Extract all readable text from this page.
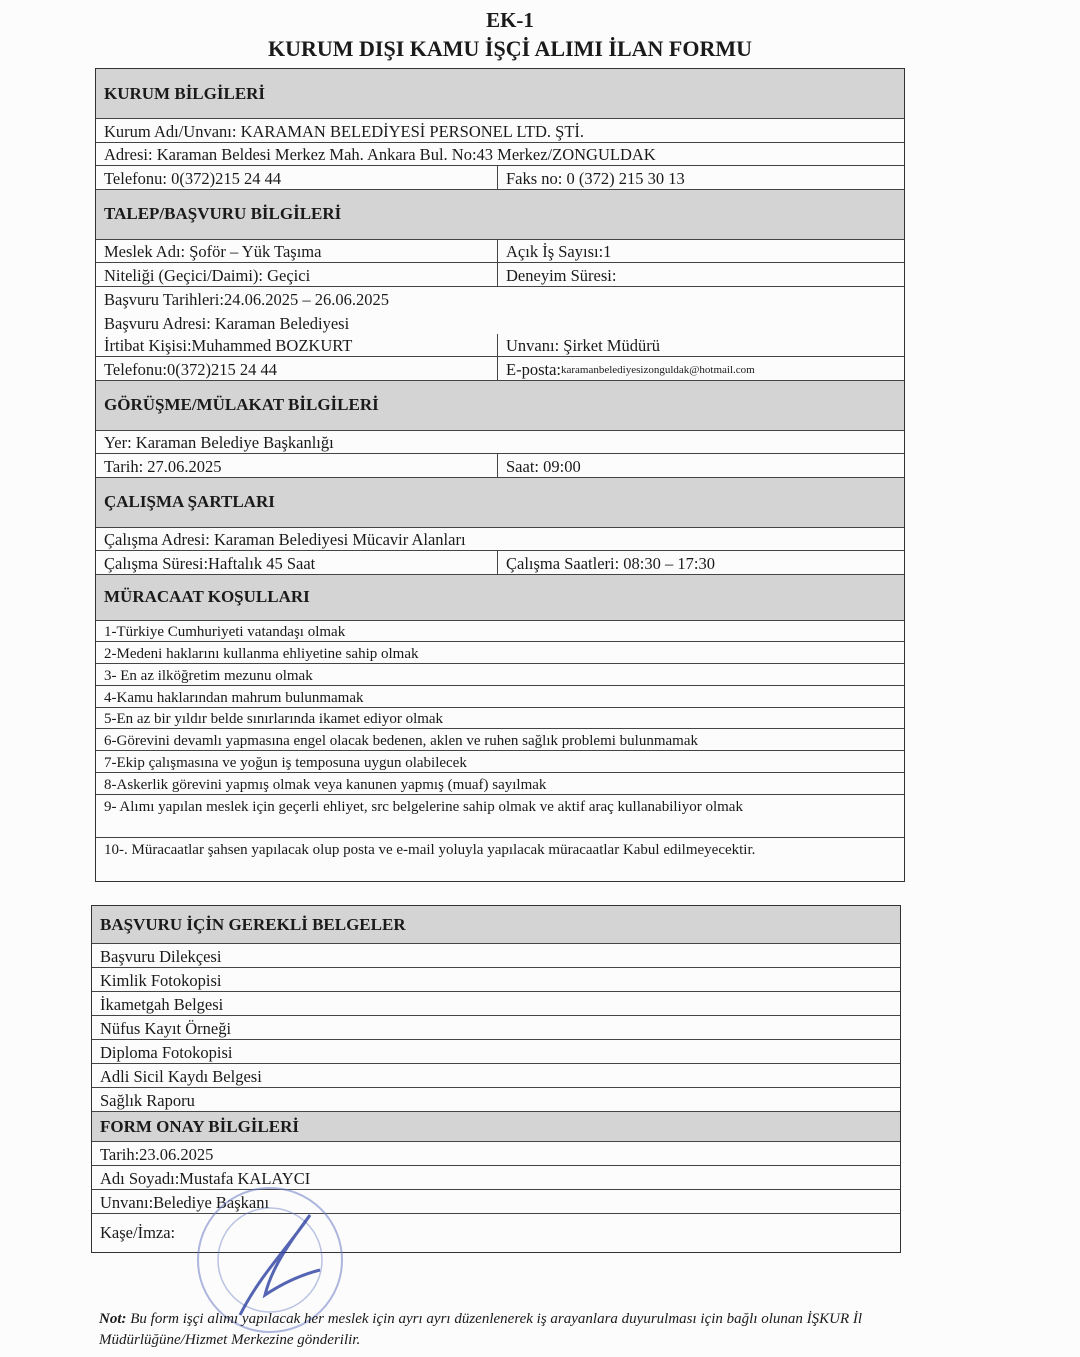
EK-1
KURUM DIŞI KAMU İŞÇİ ALIMI İLAN FORMU
KURUM BİLGİLERİ
Kurum Adı/Unvanı: KARAMAN BELEDİYESİ PERSONEL LTD. ŞTİ.
Adresi: Karaman Beldesi Merkez Mah. Ankara Bul. No:43 Merkez/ZONGULDAK
Telefonu: 0(372)215 24 44	Faks no: 0 (372) 215 30 13
TALEP/BAŞVURU BİLGİLERİ
Meslek Adı: Şoför – Yük Taşıma	Açık İş Sayısı:1
Niteliği (Geçici/Daimi): Geçici	Deneyim Süresi:
Başvuru Tarihleri:24.06.2025 – 26.06.2025
Başvuru Adresi: Karaman Belediyesi
İrtibat Kişisi:Muhammed BOZKURT	Unvanı: Şirket Müdürü
Telefonu:0(372)215 24 44	E-posta: karamanbelediyesizonguldak@hotmail.com
GÖRÜŞME/MÜLAKAT BİLGİLERİ
Yer: Karaman Belediye Başkanlığı
Tarih: 27.06.2025	Saat: 09:00
ÇALIŞMA ŞARTLARI
Çalışma Adresi: Karaman Belediyesi Mücavir Alanları
Çalışma Süresi:Haftalık 45 Saat	Çalışma Saatleri: 08:30 – 17:30
MÜRACAAT KOŞULLARI
1-Türkiye Cumhuriyeti vatandaşı olmak
2-Medeni haklarını kullanma ehliyetine sahip olmak
3- En az ilköğretim mezunu olmak
4-Kamu haklarından mahrum bulunmamak
5-En az bir yıldır belde sınırlarında ikamet ediyor olmak
6-Görevini devamlı yapmasına engel olacak bedenen, aklen ve ruhen sağlık problemi bulunmamak
7-Ekip çalışmasına ve yoğun iş temposuna uygun olabilecek
8-Askerlik görevini yapmış olmak veya kanunen yapmış (muaf) sayılmak
9- Alımı yapılan meslek için geçerli ehliyet, src belgelerine sahip olmak ve aktif araç kullanabiliyor olmak
10-. Müracaatlar şahsen yapılacak olup posta ve e-mail yoluyla yapılacak müracaatlar Kabul edilmeyecektir.
BAŞVURU İÇİN GEREKLİ BELGELER
Başvuru Dilekçesi
Kimlik Fotokopisi
İkametgah Belgesi
Nüfus Kayıt Örneği
Diploma Fotokopisi
Adli Sicil Kaydı Belgesi
Sağlık Raporu
FORM ONAY BİLGİLERİ
Tarih:23.06.2025
Adı Soyadı:Mustafa KALAYCI
Unvanı:Belediye Başkanı
Kaşe/İmza:
Not: Bu form işçi alımı yapılacak her meslek için ayrı ayrı düzenlenerek iş arayanlara duyurulması için bağlı olunan İŞKUR İl Müdürlüğüne/Hizmet Merkezine gönderilir.
